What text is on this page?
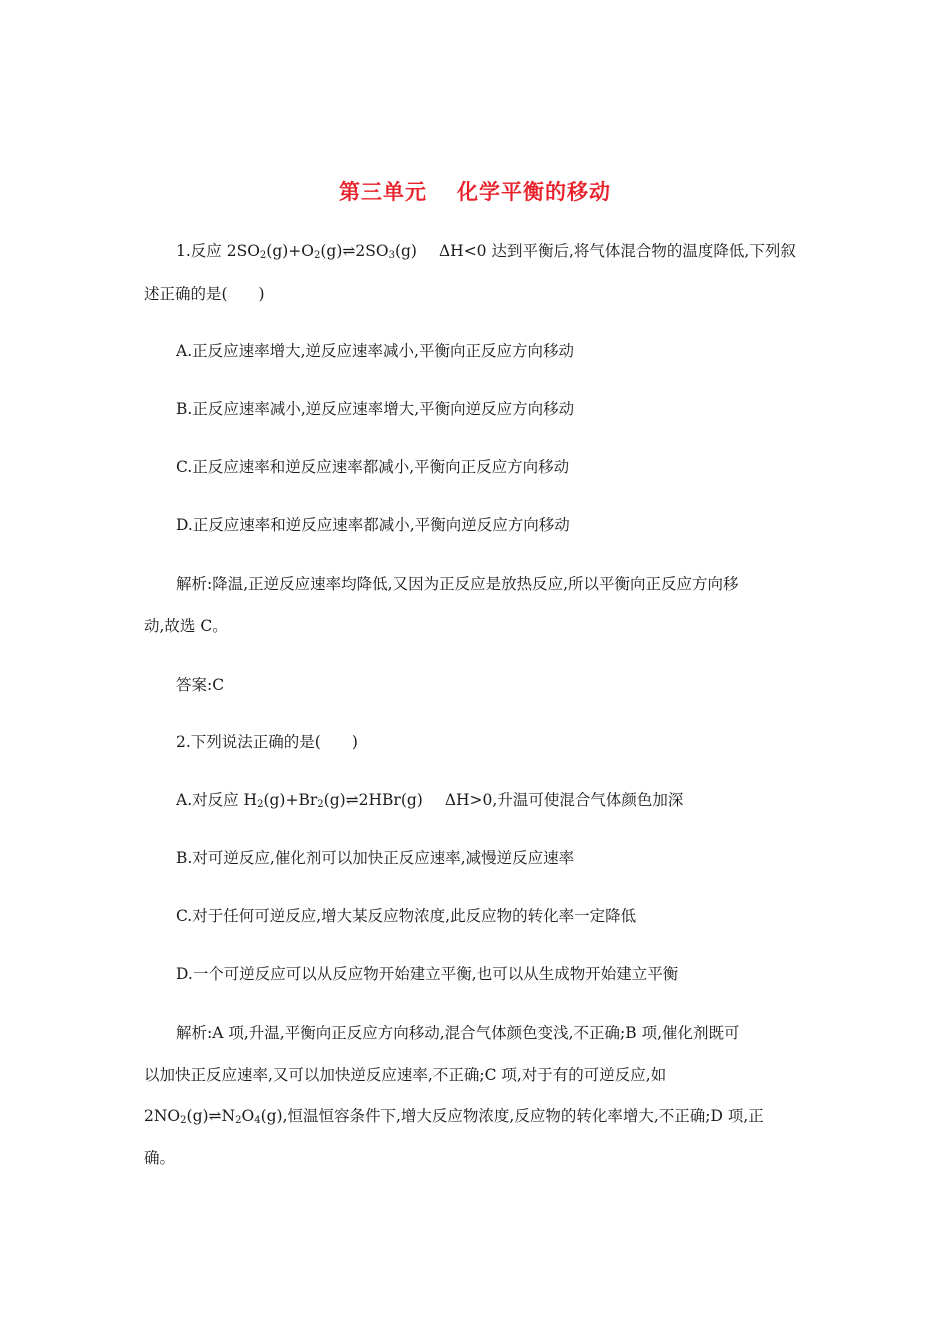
第三单元 化学平衡的移动
1.反应 $2SO_2(g)+O_2(g)\rightleftharpoons 2SO_3(g)$ ΔH<0 达到平衡后,将气体混合物的温度降低,下列叙
述正确的是(　　)
A.正反应速率增大,逆反应速率减小,平衡向正反应方向移动
B.正反应速率减小,逆反应速率增大,平衡向逆反应方向移动
C.正反应速率和逆反应速率都减小,平衡向正反应方向移动
D.正反应速率和逆反应速率都减小,平衡向逆反应方向移动
解析:降温,正逆反应速率均降低,又因为正反应是放热反应,所以平衡向正反应方向移
动,故选 C。
答案:C
2.下列说法正确的是(　　)
A.对反应 $H_2(g)+Br_2(g)\rightleftharpoons 2HBr(g)$ ΔH>0,升温可使混合气体颜色加深
B.对可逆反应,催化剂可以加快正反应速率,减慢逆反应速率
C.对于任何可逆反应,增大某反应物浓度,此反应物的转化率一定降低
D.一个可逆反应可以从反应物开始建立平衡,也可以从生成物开始建立平衡
解析:A 项,升温,平衡向正反应方向移动,混合气体颜色变浅,不正确;B 项,催化剂既可
以加快正反应速率,又可以加快逆反应速率,不正确;C 项,对于有的可逆反应,如
$2NO_2(g)\rightleftharpoons N_2O_4(g)$,恒温恒容条件下,增大反应物浓度,反应物的转化率增大,不正确;D 项,正
确。
